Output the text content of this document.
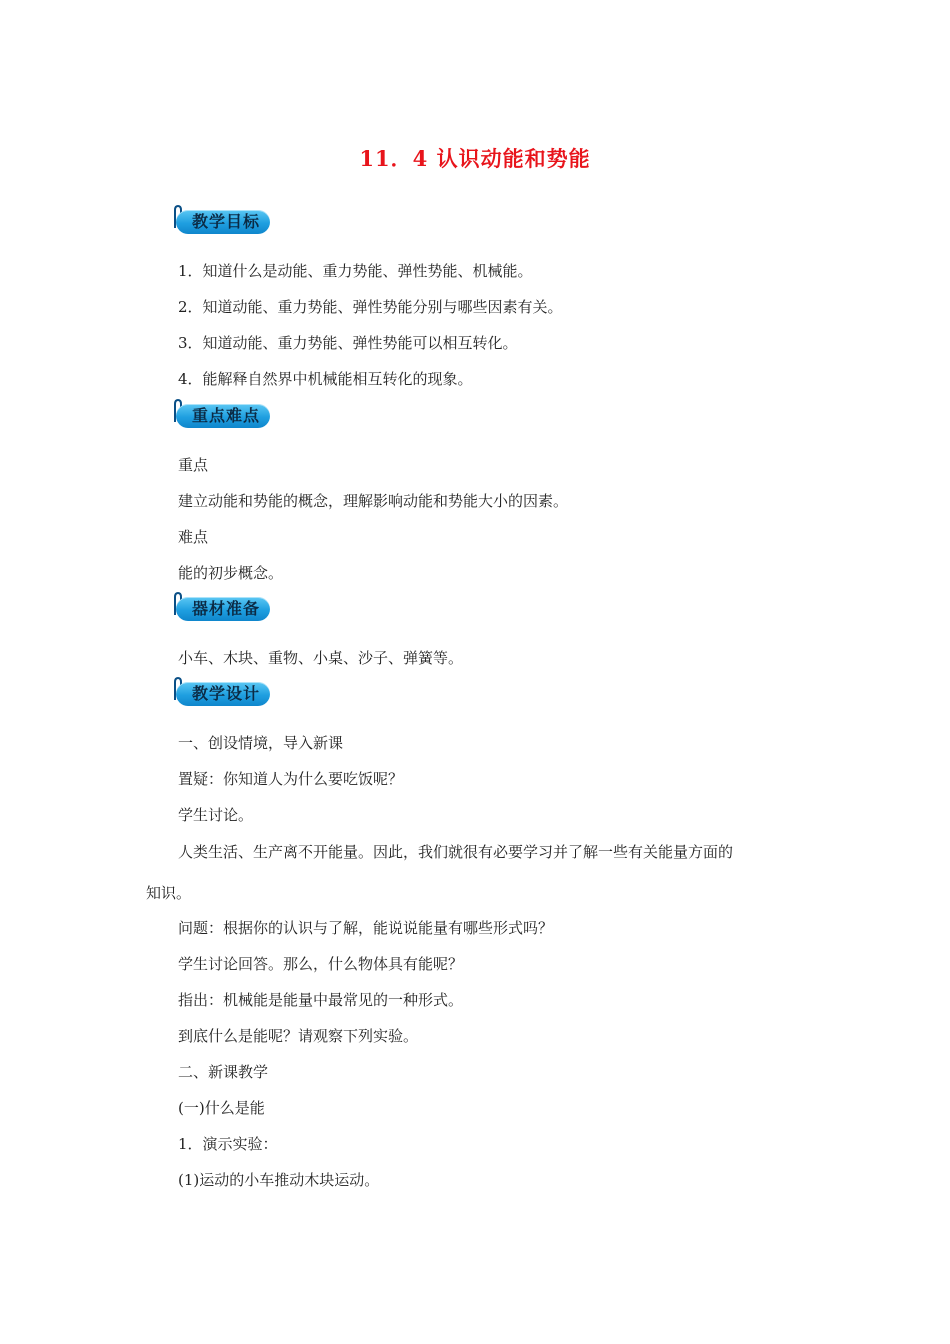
11．4 认识动能和势能
教学目标
1．知道什么是动能、重力势能、弹性势能、机械能。
2．知道动能、重力势能、弹性势能分别与哪些因素有关。
3．知道动能、重力势能、弹性势能可以相互转化。
4．能解释自然界中机械能相互转化的现象。
重点难点
重点
建立动能和势能的概念，理解影响动能和势能大小的因素。
难点
能的初步概念。
器材准备
小车、木块、重物、小桌、沙子、弹簧等。
教学设计
一、创设情境，导入新课
置疑：你知道人为什么要吃饭呢？
学生讨论。
人类生活、生产离不开能量。因此，我们就很有必要学习并了解一些有关能量方面的
知识。
问题：根据你的认识与了解，能说说能量有哪些形式吗？
学生讨论回答。那么，什么物体具有能呢？
指出：机械能是能量中最常见的一种形式。
到底什么是能呢？请观察下列实验。
二、新课教学
(一)什么是能
1．演示实验：
(1)运动的小车推动木块运动。
